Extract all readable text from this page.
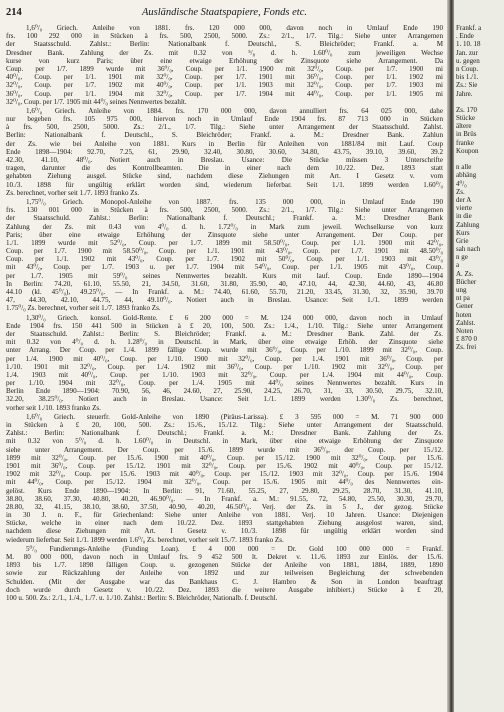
214	Ausländische Staatspapiere, Fonds etc.
1,6⁰/₀ Griech. Anleihe von 1881. frs. 120 000 000, davon noch in Umlauf Ende 190
frs. 100 292 000 in Stücken à frs. 500, 2500, 5000. Zs.: 2/1., 1/7. Tilg.: Siehe unter Arrangemen
der Staatsschuld. Zahlst.: Berlin: Nationalbank f. Deutschl., S. Bleichröder; Frankf. a. M
Dresdner Bank. Zahlung der Zs. mit 0.32 von ⁵/₈ d. h. 1.60⁰/₀ zum jeweiligen Wechse
kurse von kurz Paris; über eine etwaige Erhöhung der Zinsquote siehe Arrangement. Da
Coup. per 1/7. 1899 wurde mit 36⁰/₀, Coup. per 1/1. 1900 mit 32⁰/₀, Coup. per 1/7. 1900 mi
40⁰/₀, Coup. per 1/1. 1901 mit 32⁰/₀, Coup. per 1/7. 1901 mit 36⁰/₀, Coup. per 1/1. 1902 mi
32⁰/₀, Coup. per 1/7. 1902 mit 40⁰/₀, Coup. per 1/1. 1903 mit 32⁰/₀, Coup. per 1/7. 1903 mi
36⁰/₀, Coup. per 1/1. 1904 mit 32⁰/₀, Coup. per 1/7. 1904 mit 44⁰/₀, Coup. per 1/1. 1905 mi
32⁰/₀, Coup. per 1/7. 1905 mit 44⁰/₀ seines Nennwertes bezahlt.
1,6⁰/₀ Griech. Anleihe von 1884. frs. 170 000 000, davon annulliert frs. 64 025 000, dahe
nur begeben frs. 105 975 000, hiervon noch in Umlauf Ende 1904 frs. 87 713 000 in Stücken
à frs. 500, 2500, 5000. Zs.: 2/1., 1/7. Tilg.: Siehe unter Arrangement der Staatsschuld. Zahlst.
Berlin: Nationalbank f. Deutschl., S. Bleichröder; Frankf. a. M.: Dresdner Bank. Zahlun
der Zs. wie bei Anleihe von 1881. Kurs in Berlin für Anleihen von 1881/84 mit Lauf. Coup
Ende 1898—1904: 92.70, 7.25, 61, 29.90, 32.40, 30.80, 30.60, 34.80, 43.75, 39.10, 39.60, 39.2
42.30, 41.10, 48⁰/₀. Notiert auch in Breslau. Usance: Die Stücke müssen 3 Unterschrifte
tragen, darunter die des Kontrollbeamten. Die in einer nach dem 10./22. Dez. 1893 statt
gehabten Ziehung ausgel. Stücke sind, nachdem diese Ziehungen mit Art. I Gesetz v. vom
10./3. 1898 für ungültig erklärt worden sind, wiederum lieferbar. Seit 1./1. 1899 werden 1.60⁰/₀
Zs. berechnet, vorher seit 1./7. 1893 franko Zs.
1,75⁰/₀ Griech. Monopol-Anleihe von 1887. frs. 135 000 000, in Umlauf Ende 190
frs. 130 001 000 in Stücken à frs. 500, 2500, 5000. Zs.: 2/1., 1/7. Tilg.: Siehe unter Arrangemen
der Staatsschuld. Zahlst.: Berlin: Nationalbank f. Deutschl.; Frankf. a. M.: Dresdner Bank
Zahlung der Zs. mit 0.43 von 4⁰/₀ d. h. 1.72⁰/₀ in Mark zum jeweil. Wechselkurse von kurz
Paris; über eine etwaige Erhöhung der Zinsquote siehe unter Arrangement. Der Coup. per
1./1. 1899 wurde mit 52⁰/₀, Coup. per 1./7. 1899 mit 58.50⁰/₀, Coup. per 1./1. 1900 mit 42⁰/₀,
Coup. per 1./7. 1900 mit 58.50⁰/₀, Coup. per 1./1. 1901 mit 43⁰/₀, Coup. per 1./7. 1901 mit 48.50⁰/₀
Coup. per 1./1. 1902 mit 43⁰/₀, Coup. per 1./7. 1902 mit 50⁰/₀, Coup. per 1./1. 1903 mit 43⁰/₀
mit 43⁰/₀, Coup. per 1./7. 1903 u. per 1./7. 1904 mit 54⁰/₀, Coup. per 1./1. 1905 mit 43⁰/₀, Coup.
per 1./7. 1905 mit 59⁰/₀ seines Nennwertes bezahlt. Kurs mit lauf. Coup. Ende 1890—1904
In Berlin: 74.20, 61.10, 55.50, 21, 34.50, 31.60, 31.80, 35.90, 40, 47.10, 44, 42.30, 44.60, 43, 46.80
44.10 (kl. 45⁰/₀), 49.25⁰/₀. — In Frankf. a. M.: 74.40, 61.60, 55.70, 21.20, 33.45, 31.30, 32, 35.90, 39.70
47, 44.30, 42.10, 44.75, 44, 49.10⁰/₀. Notiert auch in Breslau. Usance: Seit 1./1. 1899 werden
1.75⁰/₀ Zs. berechnet, vorher seit 1./7. 1893 franko Zs.
1,30⁰/₀ Griech. konsol. Gold-Rente. £ 6 200 000 = M. 124 000 000, davon noch in Umlauf
Ende 1904 frs. 150 441 500 in Stücken à £ 20, 100, 500. Zs.: 1./4., 1./10. Tilg.: Siehe unter Arrangement
der Staatsschuld. Zahlst.: Berlin: S. Bleichröder; Frankf. a. M.: Dresdner Bank. Zahl. der Zs.
mit 0.32 von 4⁰/₀ d. h. 1.28⁰/₀ in Deutschl. in Mark, über eine etwaige Erhöh. der Zinsquote siehe
unter Arrang. Der Coup. per 1./4. 1899 fällige Coup. wurde mit 36⁰/₀, Coup. per 1./10. 1899 mit 32⁰/₀, Coup.
per 1./4. 1900 mit 40⁰/₀, Coup. per 1./10. 1900 mit 32⁰/₀, Coup. per 1./4. 1901 mit 36⁰/₀, Coup. per
1./10. 1901 mit 32⁰/₀, Coup. per 1./4. 1902 mit 36⁰/₀, Coup. per 1./10. 1902 mit 32⁰/₀, Coup. per
1./4. 1903 mit 40⁰/₀, Coup. per 1./10. 1903 mit 32⁰/₀, Coup. per 1./4. 1904 mit 44⁰/₀, Coup.
per 1./10. 1904 mit 32⁰/₀, Coup. per 1./4. 1905 mit 44⁰/₀ seines Nennwertes bezahlt. Kurs in
Berlin Ende 1890—1904: 70.90, 56, 46, 24.60, 27, 25.90, 24.25, 26.70, 31, 33, 30.50, 29.75, 32.10,
32.20, 38.25⁰/₀. Notiert auch in Breslau. Usance: Seit 1./1. 1899 werden 1.30⁰/₀ Zs. berechnet,
vorher seit 1./10. 1893 franko Zs.
1,6⁰/₀ Griech. steuerfr. Gold-Anleihe von 1890 (Piräus-Larissa). £ 3 595 000 = M. 71 900 000
in Stücken à £ 20, 100, 500. Zs.: 15./6., 15./12. Tilg.: Siehe unter Arrangement der Staatsschuld.
Zahlst.: Berlin: Nationalbank f. Deutschl.; Frankf. a. M.: Dresdner Bank. Zahlung der Zs.
mit 0.32 von 5⁰/₀ d. h. 1.60⁰/₀ in Deutschl. in Mark, über eine etwaige Erhöhung der Zinsquote
siehe unter Arrangement. Der Coup. per 15./6. 1899 wurde mit 36⁰/₀, der Coup. per 15./12.
1899 mit 32⁰/₀, Coup. per 15./6. 1900 mit 40⁰/₀, Coup. per 15./12. 1900 mit 32⁰/₀, Coup. per 15./6.
1901 mit 36⁰/₀, Coup. per 15./12. 1901 mit 32⁰/₀, Coup. per 15./6. 1902 mit 40⁰/₀, Coup. per 15./12.
1902 mit 32⁰/₀, Coup. per 15./6. 1903 mit 40⁰/₀, Coup. per 15./12. 1903 mit 32⁰/₀, Coup. per 15./6. 1904
mit 44⁰/₀, Coup. per 15./12. 1904 mit 32⁰/₀, Coup. per 15./6. 1905 mit 44⁰/₀ des Nennwertes ein-
gelöst. Kurs Ende 1890—1904: In Berlin: 91, 71.60, 55.25, 27, 29.80, 29.25, 28.70, 31.30, 41.10,
38.80, 38.60, 37.30, 40.80, 40.20, 46.90⁰/₀. — In Frankf. a. M.: 91.55, 72, 54.80, 25.50, 30.30, 29.70,
28.80, 32, 41.15, 38.10, 38.60, 37.50, 40.90, 40.20, 46.50⁰/₀. Verj. der Zs. in 5 J., der gezog. Stücke
in 30 J. n. F., für Griechenland: Siehe unter Anleihe von 1881. Verj. 10 Jahren. Usance: Diejenigen
Stücke, welche in einer nach dem 10./22. Dez. 1893 stattgehabten Ziehung ausgelost waren, sind,
nachdem diese Ziehungen mit Art. I Gesetz v. 10./3. 1898 für ungültig erklärt worden sind
wiederum lieferbar. Seit 1./1. 1899 werden 1.6⁰/₀ Zs. berechnet, vorher seit 15./7. 1893 franko Zs.
5⁰/₀ Fundierungs-Anleihe (Funding Loan). £ 4 000 000 = Dr. Gold 100 000 000 = Frankf.
M. 80 000 000, davon noch in Umlauf frs. 9 452 500 lt. Dekret v. 11./6. 1893 zur Einlös. der 15./6.
1893 bis 1./7. 1898 fälligen Coup. u. gezogenen Stücke der Anleihe von 1881, 1884, 1889, 1890
sowie zur Rückzahlung der Anleihe von 1892 und zur teilweisen Begleichung der schwebenden
Schulden. (Mit der Ausgabe war das Bankhaus C. J. Hambro & Son in London beauftragt
doch wurde durch Gesetz v. 10./22. Dez. 1893 die weitere Ausgabe inhibiert.) Stücke à £ 20,
100 u. 500. Zs.: 2./1., 1./4., 1./7. u. 1./10. Zahlst.: Berlin: S. Bleichröder, Nationalb. f. Deutschl.
Frankf. a
. Ende
1. 10. 18
Jan. zur
u. gegen
n Coup.
bis 1./1.
Zs.: Sie
Jahre.
Zs. 170
Stücke
ältere
in Brüs
franke
Koupon
n alle
abhäng
4⁰/₀
Zs.
der A
vierte
in die
Zahlung
Kurs
Grie
sah nach
n ge
a
A. Zs.
Bücher
ung
nt pa
Gener
hoten
Zahlst.
Noten
£ 870 0
Zs. frei
